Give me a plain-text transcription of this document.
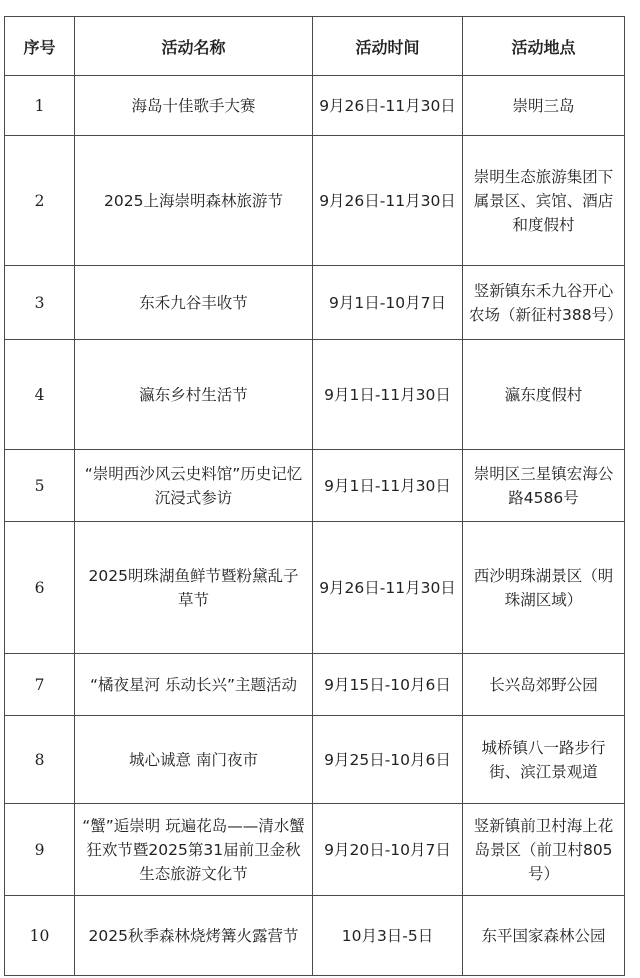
序号	活动名称	活动时间	活动地点
1	海岛十佳歌手大赛	9月26日-11月30日	崇明三岛
2	2025上海崇明森林旅游节	9月26日-11月30日	崇明生态旅游集团下属景区、宾馆、酒店和度假村
3	东禾九谷丰收节	9月1日-10月7日	竖新镇东禾九谷开心农场（新征村388号）
4	瀛东乡村生活节	9月1日-11月30日	瀛东度假村
5	“崇明西沙风云史料馆”历史记忆沉浸式参访	9月1日-11月30日	崇明区三星镇宏海公路4586号
6	2025明珠湖鱼鲜节暨粉黛乱子草节	9月26日-11月30日	西沙明珠湖景区（明珠湖区域）
7	“橘夜星河 乐动长兴”主题活动	9月15日-10月6日	长兴岛郊野公园
8	城心诚意 南门夜市	9月25日-10月6日	城桥镇八一路步行街、滨江景观道
9	“蟹”逅崇明 玩遍花岛——清水蟹狂欢节暨2025第31届前卫金秋生态旅游文化节	9月20日-10月7日	竖新镇前卫村海上花岛景区（前卫村805号）
10	2025秋季森林烧烤篝火露营节	10月3日-5日	东平国家森林公园
